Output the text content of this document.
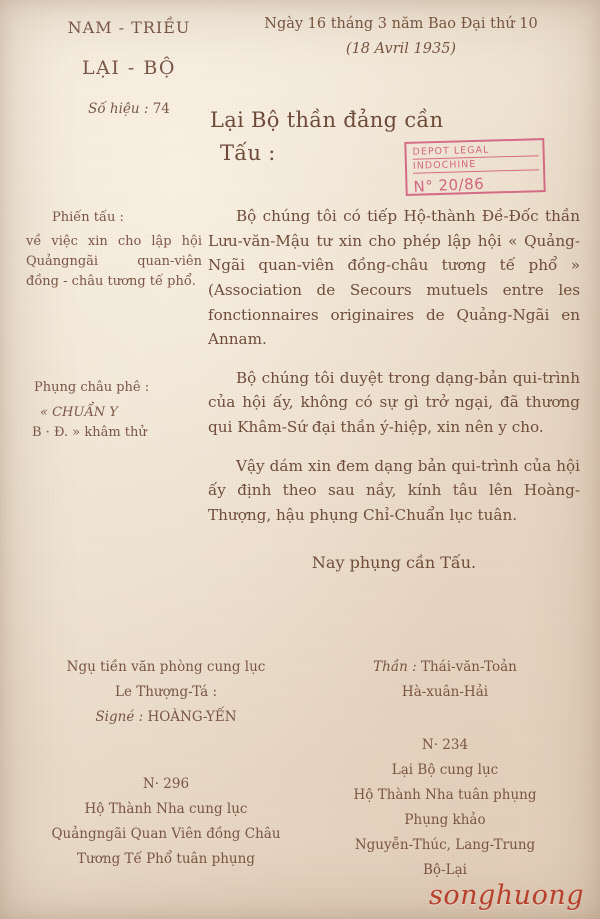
NAM - TRIỀU
LẠI - BỘ
Số hiệu : 74
Ngày 16 tháng 3 năm Bao Đại thứ 10
(18 Avril 1935)
Lại Bộ thần đảng cần
Tấu :	DEPOT LEGAL
INDOCHINE
N° 20/86
Phiến tấu :
về việc xin cho lập hội Quảngngãi quan-viên đồng - châu tương tế phổ.
Phụng châu phê :
« CHUẨN Y
B · Đ. » khâm thử

Bộ chúng tôi có tiếp Hộ-thành Đề-Đốc thần Lưu-văn-Mậu tư xin cho phép lập hội « Quảng-Ngãi quan-viên đồng-châu tương tế phổ » (Association de Secours mutuels entre les fonctionnaires originaires de Quảng-Ngãi en Annam.

Bộ chúng tôi duyệt trong dạng-bản qui-trình của hội ấy, không có sự gì trở ngại, đã thương qui Khâm-Sứ đại thần ý-hiệp, xin nên y cho.

Vậy dám xin đem dạng bản qui-trình của hội ấy định theo sau nầy, kính tâu lên Hoàng-Thượng, hậu phụng Chỉ-Chuẩn lục tuân.

Nay phụng cần Tấu.

Ngụ tiền văn phòng cung lục
Le Thượng-Tá :
Signé : HOÀNG-YẾN
N· 296
Hộ Thành Nha cung lục
Quảngngãi Quan Viên đồng Châu
Tương Tế Phổ tuân phụng
Thần : Thái-văn-Toản
Hà-xuân-Hải
N· 234
Lại Bộ cung lục
Hộ Thành Nha tuân phụng
Phụng khảo
Nguyễn-Thúc, Lang-Trung
Bộ-Lại
songhuong
